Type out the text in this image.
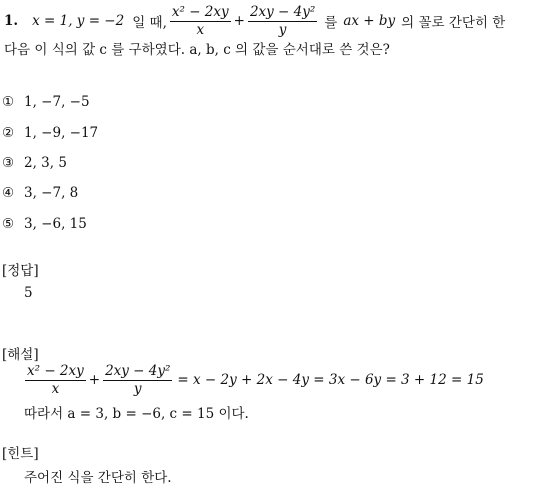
1. x = 1, y = −2 일 때, $\frac{\text{x² − 2xy}}{x} + \frac{\text{2xy − 4y²}}{y}$ 를 ax + by 의 꼴로 간단히 한
다음 이 식의 값 c 를 구하였다. a, b, c 의 값을 순서대로 쓴 것은?
① 1, −7, −5
② 1, −9, −17
③ 2, 3, 5
④ 3, −7, 8
⑤ 3, −6, 15
[정답]
5
[해설]
$\frac{\text{x² − 2xy}}{x} + \frac{\text{2xy − 4y²}}{y} = x - 2y + 2x - 4y = 3x - 6y = 3 + 12 = 15$
따라서 a = 3, b = −6, c = 15 이다.
[힌트]
주어진 식을 간단히 한다.
